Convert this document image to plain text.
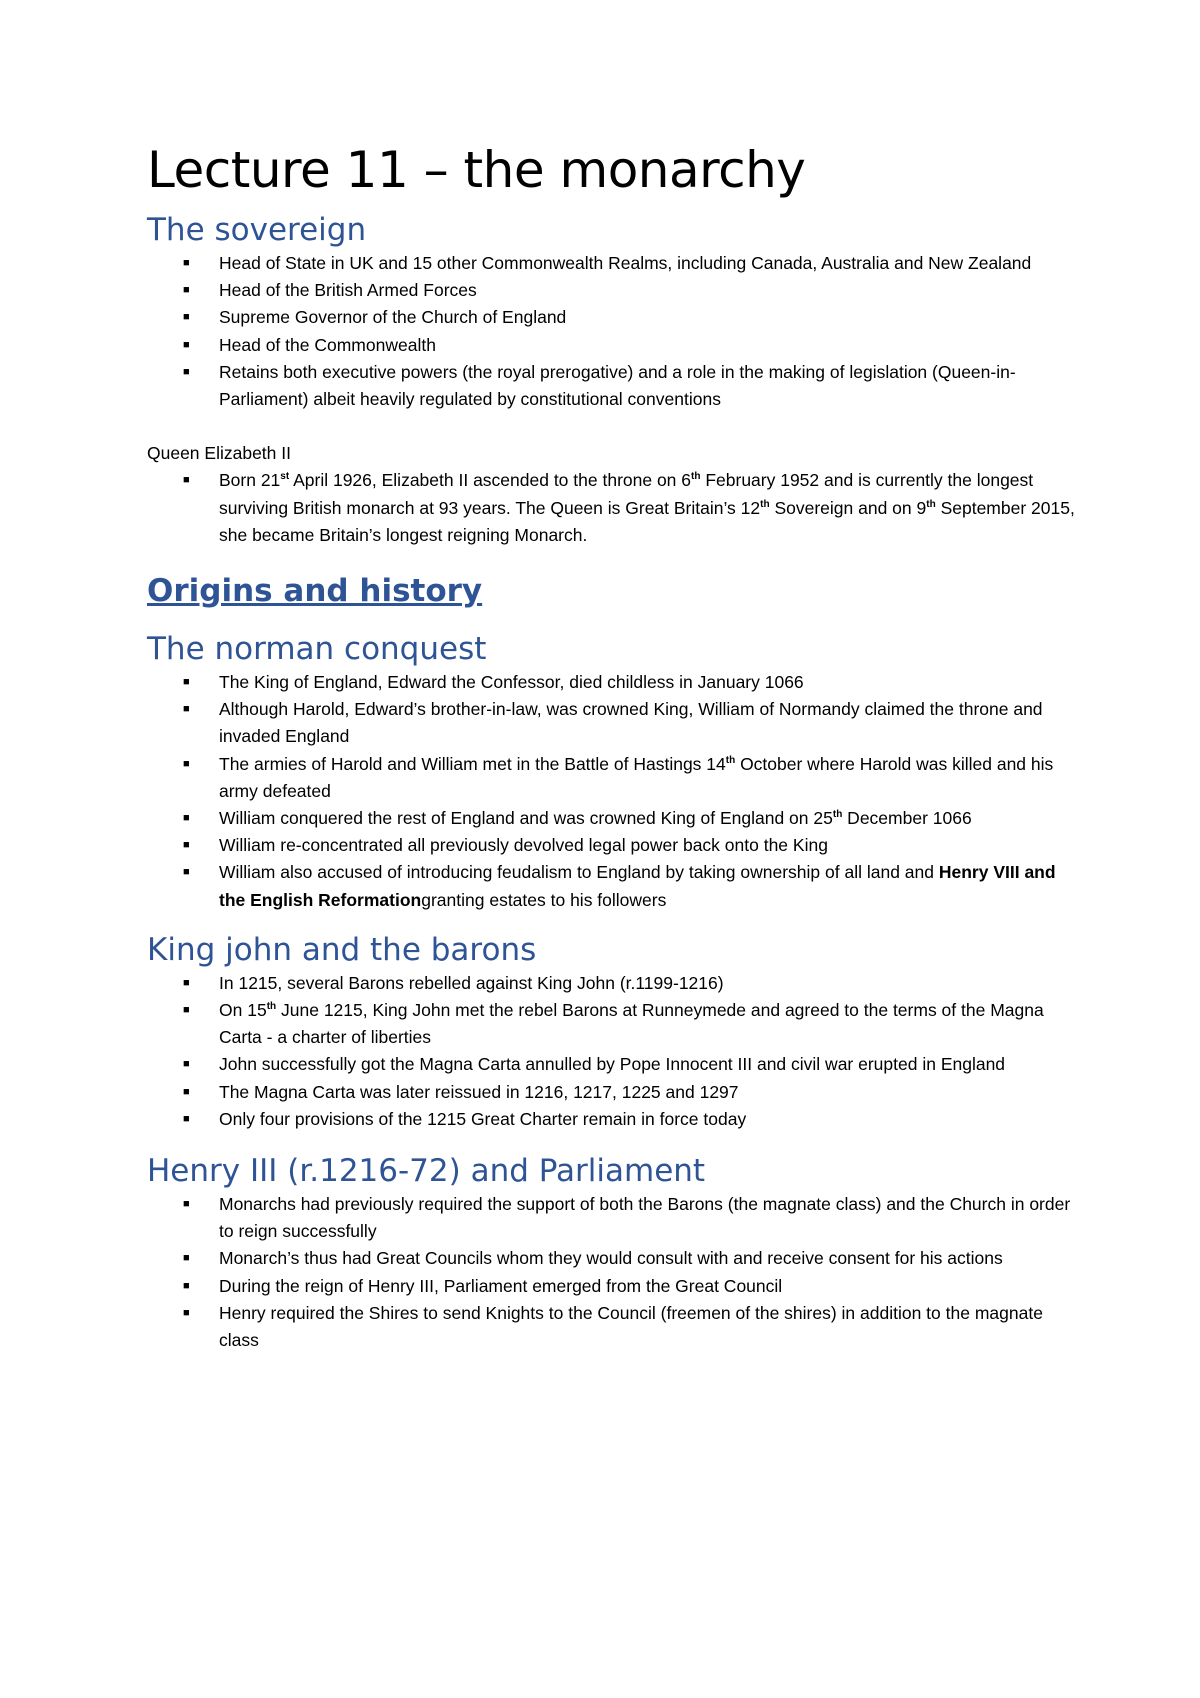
Lecture 11 – the monarchy
The sovereign
■ Head of State in UK and 15 other Commonwealth Realms, including Canada, Australia and New Zealand
■ Head of the British Armed Forces
■ Supreme Governor of the Church of England
■ Head of the Commonwealth
■ Retains both executive powers (the royal prerogative) and a role in the making of legislation (Queen-in-Parliament) albeit heavily regulated by constitutional conventions

Queen Elizabeth II

■ Born 21st April 1926, Elizabeth II ascended to the throne on 6th February 1952 and is currently the longest surviving British monarch at 93 years. The Queen is Great Britain’s 12th Sovereign and on 9th September 2015, she became Britain’s longest reigning Monarch.
Origins and history
The norman conquest
■ The King of England, Edward the Confessor, died childless in January 1066
■ Although Harold, Edward’s brother-in-law, was crowned King, William of Normandy claimed the throne and invaded England
■ The armies of Harold and William met in the Battle of Hastings 14th October where Harold was killed and his army defeated
■ William conquered the rest of England and was crowned King of England on 25th December 1066
■ William re-concentrated all previously devolved legal power back onto the King
■ William also accused of introducing feudalism to England by taking ownership of all land and Henry VIII and the English Reformationgranting estates to his followers
King john and the barons
■ In 1215, several Barons rebelled against King John (r.1199-1216)
■ On 15th June 1215, King John met the rebel Barons at Runneymede and agreed to the terms of the Magna Carta - a charter of liberties
■ John successfully got the Magna Carta annulled by Pope Innocent III and civil war erupted in England
■ The Magna Carta was later reissued in 1216, 1217, 1225 and 1297
■ Only four provisions of the 1215 Great Charter remain in force today
Henry III (r.1216-72) and Parliament
■ Monarchs had previously required the support of both the Barons (the magnate class) and the Church in order to reign successfully
■ Monarch’s thus had Great Councils whom they would consult with and receive consent for his actions
■ During the reign of Henry III, Parliament emerged from the Great Council
■ Henry required the Shires to send Knights to the Council (freemen of the shires) in addition to the magnate class
